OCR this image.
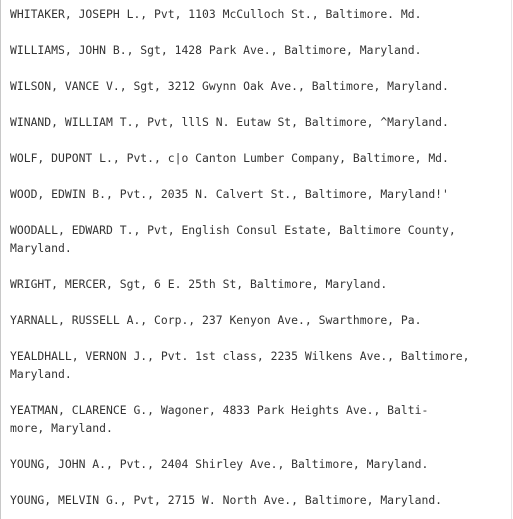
WHITAKER, JOSEPH L., Pvt, 1103 McCulloch St., Baltimore. Md.
WILLIAMS, JOHN B., Sgt, 1428 Park Ave., Baltimore, Maryland.
WILSON, VANCE V., Sgt, 3212 Gwynn Oak Ave., Baltimore, Maryland.
WINAND, WILLIAM T., Pvt, lllS N. Eutaw St, Baltimore, ^Maryland.
WOLF, DUPONT L., Pvt., c|o Canton Lumber Company, Baltimore, Md.
WOOD, EDWIN B., Pvt., 2035 N. Calvert St., Baltimore, Maryland!'
WOODALL, EDWARD T., Pvt, English Consul Estate, Baltimore County,
Maryland.
WRIGHT, MERCER, Sgt, 6 E. 25th St, Baltimore, Maryland.
YARNALL, RUSSELL A., Corp., 237 Kenyon Ave., Swarthmore, Pa.
YEALDHALL, VERNON J., Pvt. 1st class, 2235 Wilkens Ave., Baltimore,
Maryland.
YEATMAN, CLARENCE G., Wagoner, 4833 Park Heights Ave., Balti-
more, Maryland.
YOUNG, JOHN A., Pvt., 2404 Shirley Ave., Baltimore, Maryland.
YOUNG, MELVIN G., Pvt, 2715 W. North Ave., Baltimore, Maryland.
